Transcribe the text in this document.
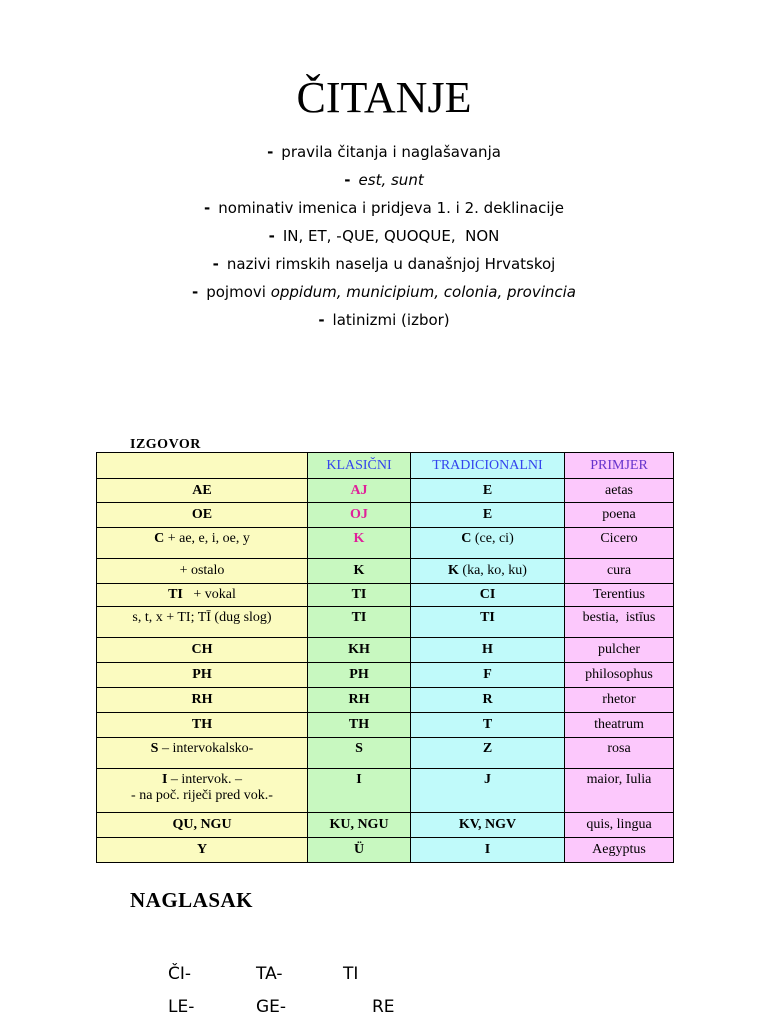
ČITANJE
- pravila čitanja i naglašavanja
- est, sunt
- nominativ imenica i pridjeva 1. i 2. deklinacije
- IN, ET, -QUE, QUOQUE,  NON
- nazivi rimskih naselja u današnjoj Hrvatskoj
- pojmovi oppidum, municipium, colonia, provincia
- latinizmi (izbor)
IZGOVOR
	KLASIČNI	TRADICIONALNI	PRIMJER
AE	AJ	E	aetas
OE	OJ	E	poena
C + ae, e, i, oe, y	K	C (ce, ci)	Cicero
+ ostalo	K	K (ka, ko, ku)	cura
TI   + vokal	TI	CI	Terentius
s, t, x + TI; TĪ (dug slog)	TI	TI	bestia,  istīus
CH	KH	H	pulcher
PH	PH	F	philosophus
RH	RH	R	rhetor
TH	TH	T	theatrum
S – intervokalsko-	S	Z	rosa
I – intervok. –
- na poč. riječi pred vok.-	I	J	maior, Iulia
QU, NGU	KU, NGU	KV, NGV	quis, lingua
Y	Ü	I	Aegyptus
NAGLASAK
ČI-	TA-	TI
LE-	GE-	RE
